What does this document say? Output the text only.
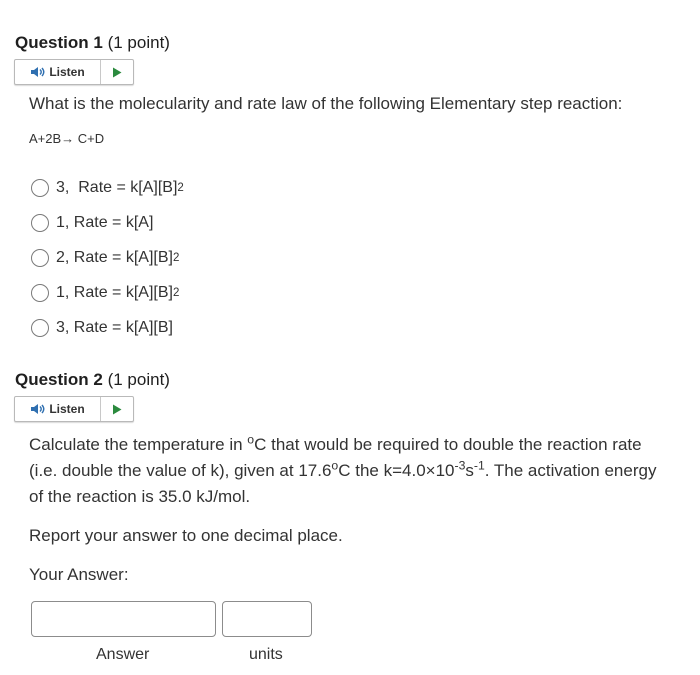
Question 1 (1 point)
Listen
What is the molecularity and rate law of the following Elementary step reaction:
A+2B→ C+D
3,
Rate = k[A][B] 2
1,
Rate = k[A]
2,
Rate = k[A][B] 2
1,
Rate = k[A][B] 2
3,
Rate = k[A][B]
Question 2 (1 point)
Listen
Calculate the temperature in $^o$C that would be required to double the reaction rate
(i.e. double the value of k), given at 17.6$^o$C the $k=4.0\times 10^{-3}s^{-1}$. The activation energy
of the reaction is 35.0 kJ/mol.
Report your answer to one decimal place.
Your Answer:
Answer	units
